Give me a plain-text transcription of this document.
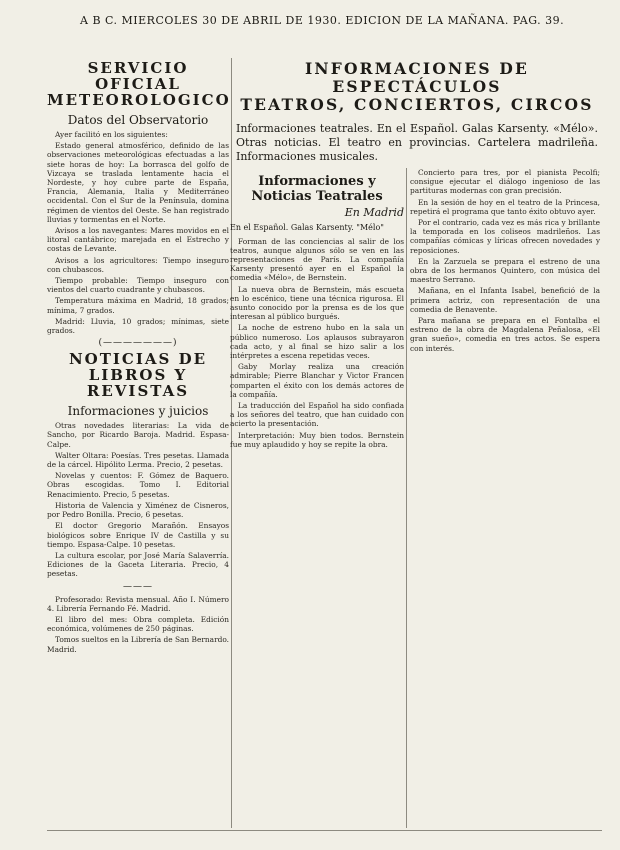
A B C. MIERCOLES 30 DE ABRIL DE 1930. EDICION DE LA MAÑANA. PAG. 39.
SERVICIO OFICIAL METEOROLOGICO
Datos del Observatorio

Ayer facilitó en los siguientes:

Estado general atmosférico, definido de las observaciones meteorológicas efectuadas a las siete horas de hoy: La borrasca del golfo de Vizcaya se traslada lentamente hacia el Nordeste, y hoy cubre parte de España, Francia, Alemania, Italia y Mediterráneo occidental. Con el Sur de la Península, domina régimen de vientos del Oeste. Se han registrado lluvias y tormentas en el Norte.

Avisos a los navegantes: Mares movidos en el litoral cantábrico; marejada en el Estrecho y costas de Levante.

Avisos a los agricultores: Tiempo inseguro con chubascos.

Tiempo probable: Tiempo inseguro con vientos del cuarto cuadrante y chubascos.

Temperatura máxima en Madrid, 18 grados; mínima, 7 grados.

Madrid: Lluvia, 10 grados; mínimas, siete grados.

(———————)
NOTICIAS DE LIBROS Y REVISTAS
Informaciones y juicios

Otras novedades literarias: La vida de Sancho, por Ricardo Baroja. Madrid. Espasa-Calpe.

Walter Oltara: Poesías. Tres pesetas. Llamada de la cárcel. Hipólito Lerma. Precio, 2 pesetas.

Novelas y cuentos: F. Gómez de Baquero. Obras escogidas. Tomo I. Editorial Renacimiento. Precio, 5 pesetas.

Historia de Valencia y Ximénez de Cisneros, por Pedro Bonilla. Precio, 6 pesetas.

El doctor Gregorio Marañón. Ensayos biológicos sobre Enrique IV de Castilla y su tiempo. Espasa-Calpe. 10 pesetas.

La cultura escolar, por José María Salaverría. Ediciones de la Gaceta Literaria. Precio, 4 pesetas.

———

Profesorado: Revista mensual. Año I. Número 4. Librería Fernando Fé. Madrid.

El libro del mes: Obra completa. Edición económica, volúmenes de 250 páginas.

Tomos sueltos en la Librería de San Bernardo. Madrid.

INFORMACIONES DE ESPECTÁCULOS
TEATROS, CONCIERTOS, CIRCOS
Informaciones teatrales. En el Español. Galas Karsenty. «Mélo». Otras noticias. El teatro en provincias. Cartelera madrileña. Informaciones musicales.
Informaciones y Noticias Teatrales
En Madrid
En el Español. Galas Karsenty. "Mélo"

Forman de las conciencias al salir de los teatros, aunque algunos sólo se ven en las representaciones de París. La compañía Karsenty presentó ayer en el Español la comedia «Mélo», de Bernstein.

La nueva obra de Bernstein, más escueta en lo escénico, tiene una técnica rigurosa. El asunto conocido por la prensa es de los que interesan al público burgués.

La noche de estreno hubo en la sala un público numeroso. Los aplausos subrayaron cada acto, y al final se hizo salir a los intérpretes a escena repetidas veces.

Gaby Morlay realiza una creación admirable; Pierre Blanchar y Victor Francen comparten el éxito con los demás actores de la compañía.

La traducción del Español ha sido confiada a los señores del teatro, que han cuidado con acierto la presentación.

Interpretación: Muy bien todos. Bernstein fue muy aplaudido y hoy se repite la obra.

Concierto para tres, por el pianista Pecolfi; consigue ejecutar el diálogo ingenioso de las partituras modernas con gran precisión.

En la sesión de hoy en el teatro de la Princesa, repetirá el programa que tanto éxito obtuvo ayer.

Por el contrario, cada vez es más rica y brillante la temporada en los coliseos madrileños. Las compañías cómicas y líricas ofrecen novedades y reposiciones.

En la Zarzuela se prepara el estreno de una obra de los hermanos Quintero, con música del maestro Serrano.

Mañana, en el Infanta Isabel, benefició de la primera actriz, con representación de una comedia de Benavente.

Para mañana se prepara en el Fontalba el estreno de la obra de Magdalena Peñalosa, «El gran sueño», comedia en tres actos. Se espera con interés.
